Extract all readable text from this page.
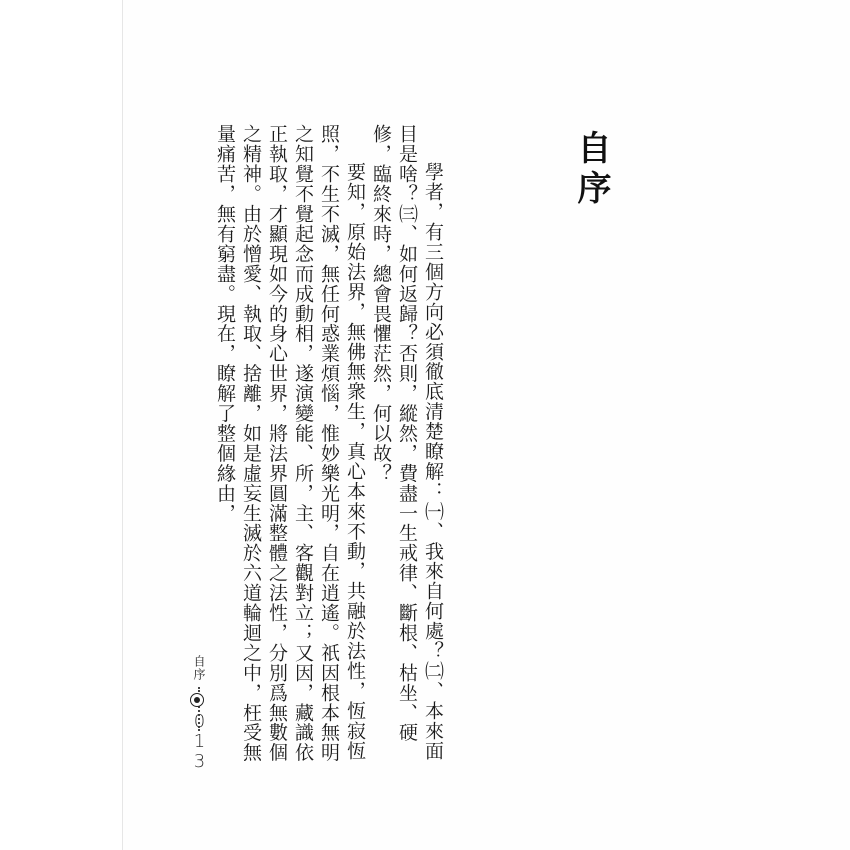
自序

學者，有三個方向必須徹底清楚瞭解：㈠、我來自何處？㈡、本來面目是啥？㈢、如何返歸？否則，縱然，費盡一生戒律、斷根、枯坐、硬修，臨終來時，總會畏懼茫然，何以故？

要知，原始法界，無佛無衆生，真心本來不動，共融於法性，恆寂恆照，不生不滅，無任何惑業煩惱，惟妙樂光明，自在逍遙。祇因根本無明之知覺不覺起念而成動相，遂演變能、所，主、客觀對立；又因，藏識依正執取，才顯現如今的身心世界，將法界圓滿整體之法性，分別爲無數個之精神。由於憎愛、執取、捨離，如是虛妄生滅於六道輪迴之中，枉受無量痛苦，無有窮盡。現在，瞭解了整個緣由，

自序
013
